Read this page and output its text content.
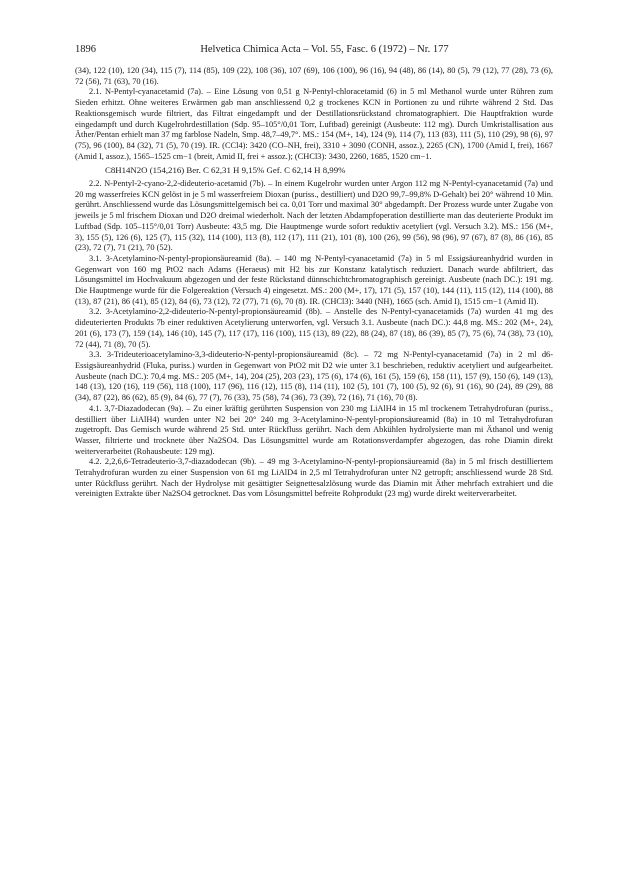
1896	Helvetica Chimica Acta – Vol. 55, Fasc. 6 (1972) – Nr. 177

(34), 122 (10), 120 (34), 115 (7), 114 (85), 109 (22), 108 (36), 107 (69), 106 (100), 96 (16), 94 (48), 86 (14), 80 (5), 79 (12), 77 (28), 73 (6), 72 (56), 71 (63), 70 (16).

2.1. N-Pentyl-cyanacetamid (7a). – Eine Lösung von 0,51 g N-Pentyl-chloracetamid (6) in 5 ml Methanol wurde unter Rühren zum Sieden erhitzt. Ohne weiteres Erwärmen gab man anschliessend 0,2 g trockenes KCN in Portionen zu und rührte während 2 Std. Das Reaktionsgemisch wurde filtriert, das Filtrat eingedampft und der Destillationsrückstand chromatographiert. Die Hauptfraktion wurde eingedampft und durch Kugelrohrdestillation (Sdp. 95–105°/0,01 Torr, Luftbad) gereinigt (Ausbeute: 112 mg). Durch Umkristallisation aus Äther/Pentan erhielt man 37 mg farblose Nadeln, Smp. 48,7–49,7°. MS.: 154 (M+, 14), 124 (9), 114 (7), 113 (83), 111 (5), 110 (29), 98 (6), 97 (75), 96 (100), 84 (32), 71 (5), 70 (19). IR. (CCl4): 3420 (CO–NH, frei), 3310 + 3090 (CONH, assoz.), 2265 (CN), 1700 (Amid I, frei), 1667 (Amid I, assoz.), 1565–1525 cm−1 (breit, Amid II, frei + assoz.); (CHCl3): 3430, 2260, 1685, 1520 cm−1.

C8H14N2O (154,216) Ber. C 62,31 H 9,15% Gef. C 62,14 H 8,99%

2.2. N-Pentyl-2-cyano-2,2-dideuterio-acetamid (7b). – In einem Kugelrohr wurden unter Argon 112 mg N-Pentyl-cyanacetamid (7a) und 20 mg wasserfreies KCN gelöst in je 5 ml wasserfreiem Dioxan (puriss., destilliert) und D2O 99,7–99,8% D-Gehalt) bei 20° während 10 Min. gerührt. Anschliessend wurde das Lösungsmittelgemisch bei ca. 0,01 Torr und maximal 30° abgedampft. Der Prozess wurde unter Zugabe von jeweils je 5 ml frischem Dioxan und D2O dreimal wiederholt. Nach der letzten Abdampfoperation destillierte man das deuterierte Produkt im Luftbad (Sdp. 105–115°/0,01 Torr) Ausbeute: 43,5 mg. Die Hauptmenge wurde sofort reduktiv acetyliert (vgl. Versuch 3.2). MS.: 156 (M+, 3), 155 (5), 126 (6), 125 (7), 115 (32), 114 (100), 113 (8), 112 (17), 111 (21), 101 (8), 100 (26), 99 (56), 98 (96), 97 (67), 87 (8), 86 (16), 85 (23), 72 (7), 71 (21), 70 (52).

3.1. 3-Acetylamino-N-pentyl-propionsäureamid (8a). – 140 mg N-Pentyl-cyanacetamid (7a) in 5 ml Essigsäureanhydrid wurden in Gegenwart von 160 mg PtO2 nach Adams (Heraeus) mit H2 bis zur Konstanz katalytisch reduziert. Danach wurde abfiltriert, das Lösungsmittel im Hochvakuum abgezogen und der feste Rückstand dünnschichtchromatographisch gereinigt. Ausbeute (nach DC.): 191 mg. Die Hauptmenge wurde für die Folgereaktion (Versuch 4) eingesetzt. MS.: 200 (M+, 17), 171 (5), 157 (10), 144 (11), 115 (12), 114 (100), 88 (13), 87 (21), 86 (41), 85 (12), 84 (6), 73 (12), 72 (77), 71 (6), 70 (8). IR. (CHCl3): 3440 (NH), 1665 (sch. Amid I), 1515 cm−1 (Amid II).

3.2. 3-Acetylamino-2,2-dideuterio-N-pentyl-propionsäureamid (8b). – Anstelle des N-Pentyl-cyanacetamids (7a) wurden 41 mg des dideuterierten Produkts 7b einer reduktiven Acetylierung unterworfen, vgl. Versuch 3.1. Ausbeute (nach DC.): 44,8 mg. MS.: 202 (M+, 24), 201 (6), 173 (7), 159 (14), 146 (10), 145 (7), 117 (17), 116 (100), 115 (13), 89 (22), 88 (24), 87 (18), 86 (39), 85 (7), 75 (6), 74 (38), 73 (10), 72 (44), 71 (8), 70 (5).

3.3. 3-Trideuterioacetylamino-3,3-dideuterio-N-pentyl-propionsäureamid (8c). – 72 mg N-Pentyl-cyanacetamid (7a) in 2 ml d6-Essigsäureanhydrid (Fluka, puriss.) wurden in Gegenwart von PtO2 mit D2 wie unter 3.1 beschrieben, reduktiv acetyliert und aufgearbeitet. Ausbeute (nach DC.): 70,4 mg. MS.: 205 (M+, 14), 204 (25), 203 (23), 175 (6), 174 (6), 161 (5), 159 (6), 158 (11), 157 (9), 150 (6), 149 (13), 148 (13), 120 (16), 119 (56), 118 (100), 117 (96), 116 (12), 115 (8), 114 (11), 102 (5), 101 (7), 100 (5), 92 (6), 91 (16), 90 (24), 89 (29), 88 (34), 87 (22), 86 (62), 85 (9), 84 (6), 77 (7), 76 (33), 75 (58), 74 (36), 73 (39), 72 (16), 71 (16), 70 (8).

4.1. 3,7-Diazadodecan (9a). – Zu einer kräftig gerührten Suspension von 230 mg LiAlH4 in 15 ml trockenem Tetrahydrofuran (puriss., destilliert über LiAlH4) wurden unter N2 bei 20° 240 mg 3-Acetylamino-N-pentyl-propionsäureamid (8a) in 10 ml Tetrahydrofuran zugetropft. Das Gemisch wurde während 25 Std. unter Rückfluss gerührt. Nach dem Abkühlen hydrolysierte man mi Äthanol und wenig Wasser, filtrierte und trocknete über Na2SO4. Das Lösungsmittel wurde am Rotationsverdampfer abgezogen, das rohe Diamin direkt weiterverarbeitet (Rohausbeute: 129 mg).

4.2. 2,2,6,6-Tetradeuterio-3,7-diazadodecan (9b). – 49 mg 3-Acetylamino-N-pentyl-propionsäureamid (8a) in 5 ml frisch destilliertem Tetrahydrofuran wurden zu einer Suspension von 61 mg LiAlD4 in 2,5 ml Tetrahydrofuran unter N2 getropft; anschliessend wurde 28 Std. unter Rückfluss gerührt. Nach der Hydrolyse mit gesättigter Seignettesalzlösung wurde das Diamin mit Äther mehrfach extrahiert und die vereinigten Extrakte über Na2SO4 getrocknet. Das vom Lösungsmittel befreite Rohprodukt (23 mg) wurde direkt weiterverarbeitet.
